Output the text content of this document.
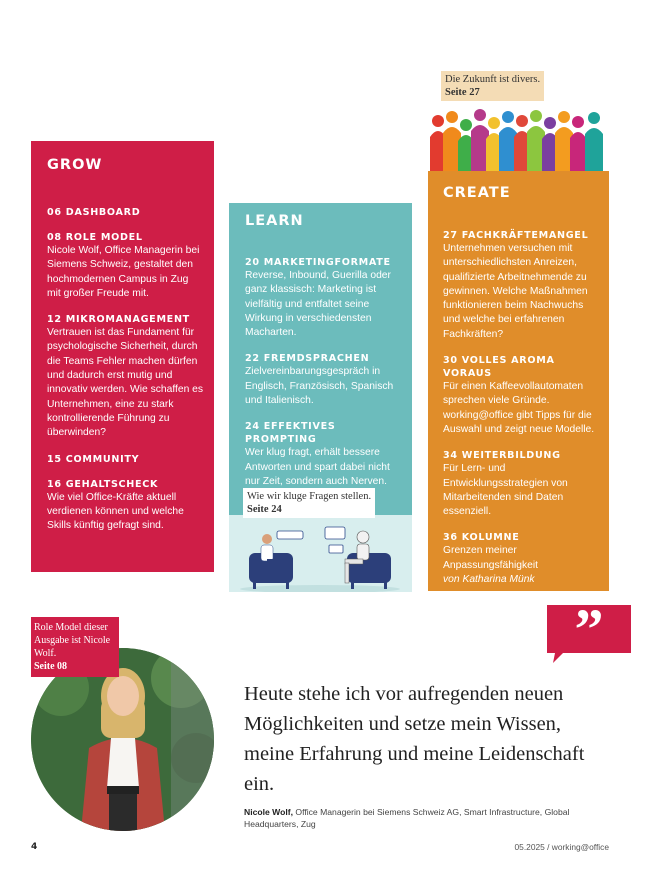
Die Zukunft ist divers.
Seite 27
GROW
06 DASHBOARD
08 ROLE MODEL
Nicole Wolf, Office Managerin bei Siemens Schweiz, gestaltet den hochmodernen Campus in Zug mit großer Freude mit.
12 MIKROMANAGEMENT
Vertrauen ist das Fundament für psychologische Sicherheit, durch die Teams Fehler machen dürfen und dadurch erst mutig und innovativ werden. Wie schaffen es Unternehmen, eine zu stark kontrollierende Führung zu überwinden?
15 COMMUNITY
16 GEHALTSCHECK
Wie viel Office-Kräfte aktuell verdienen können und welche Skills künftig gefragt sind.
LEARN
20 MARKETINGFORMATE
Reverse, Inbound, Guerilla oder ganz klassisch: Marketing ist vielfältig und entfaltet seine Wirkung in verschiedensten Macharten.
22 FREMDSPRACHEN
Zielvereinbarungsgespräch in Englisch, Französisch, Spanisch und Italienisch.
24 EFFEKTIVES PROMPTING
Wer klug fragt, erhält bessere Antworten und spart dabei nicht nur Zeit, sondern auch Nerven.
Wie wir kluge Fragen stellen.
Seite 24
CREATE
27 FACHKRÄFTEMANGEL
Unternehmen versuchen mit unterschiedlichsten Anreizen, qualifizierte Arbeitnehmende zu gewinnen. Welche Maßnahmen funktionieren beim Nachwuchs und welche bei erfahrenen Fachkräften?
30 VOLLES AROMA VORAUS
Für einen Kaffeevollautomaten sprechen viele Gründe. working@office gibt Tipps für die Auswahl und zeigt neue Modelle.
34 WEITERBILDUNG
Für Lern- und Entwicklungsstrategien von Mitarbeitenden sind Daten essenziell.
36 KOLUMNE
Grenzen meiner Anpassungsfähigkeit
von Katharina Münk
37 BUCHTIPPS
Role Model dieser Ausgabe ist Nicole Wolf.
Seite 08
”
Heute stehe ich vor aufregenden neuen Möglichkeiten und setze mein Wissen, meine Erfahrung und meine Leidenschaft ein.
Nicole Wolf, Office Managerin bei Siemens Schweiz AG, Smart Infrastructure, Global Headquarters, Zug
4	05.2025 / working@office
